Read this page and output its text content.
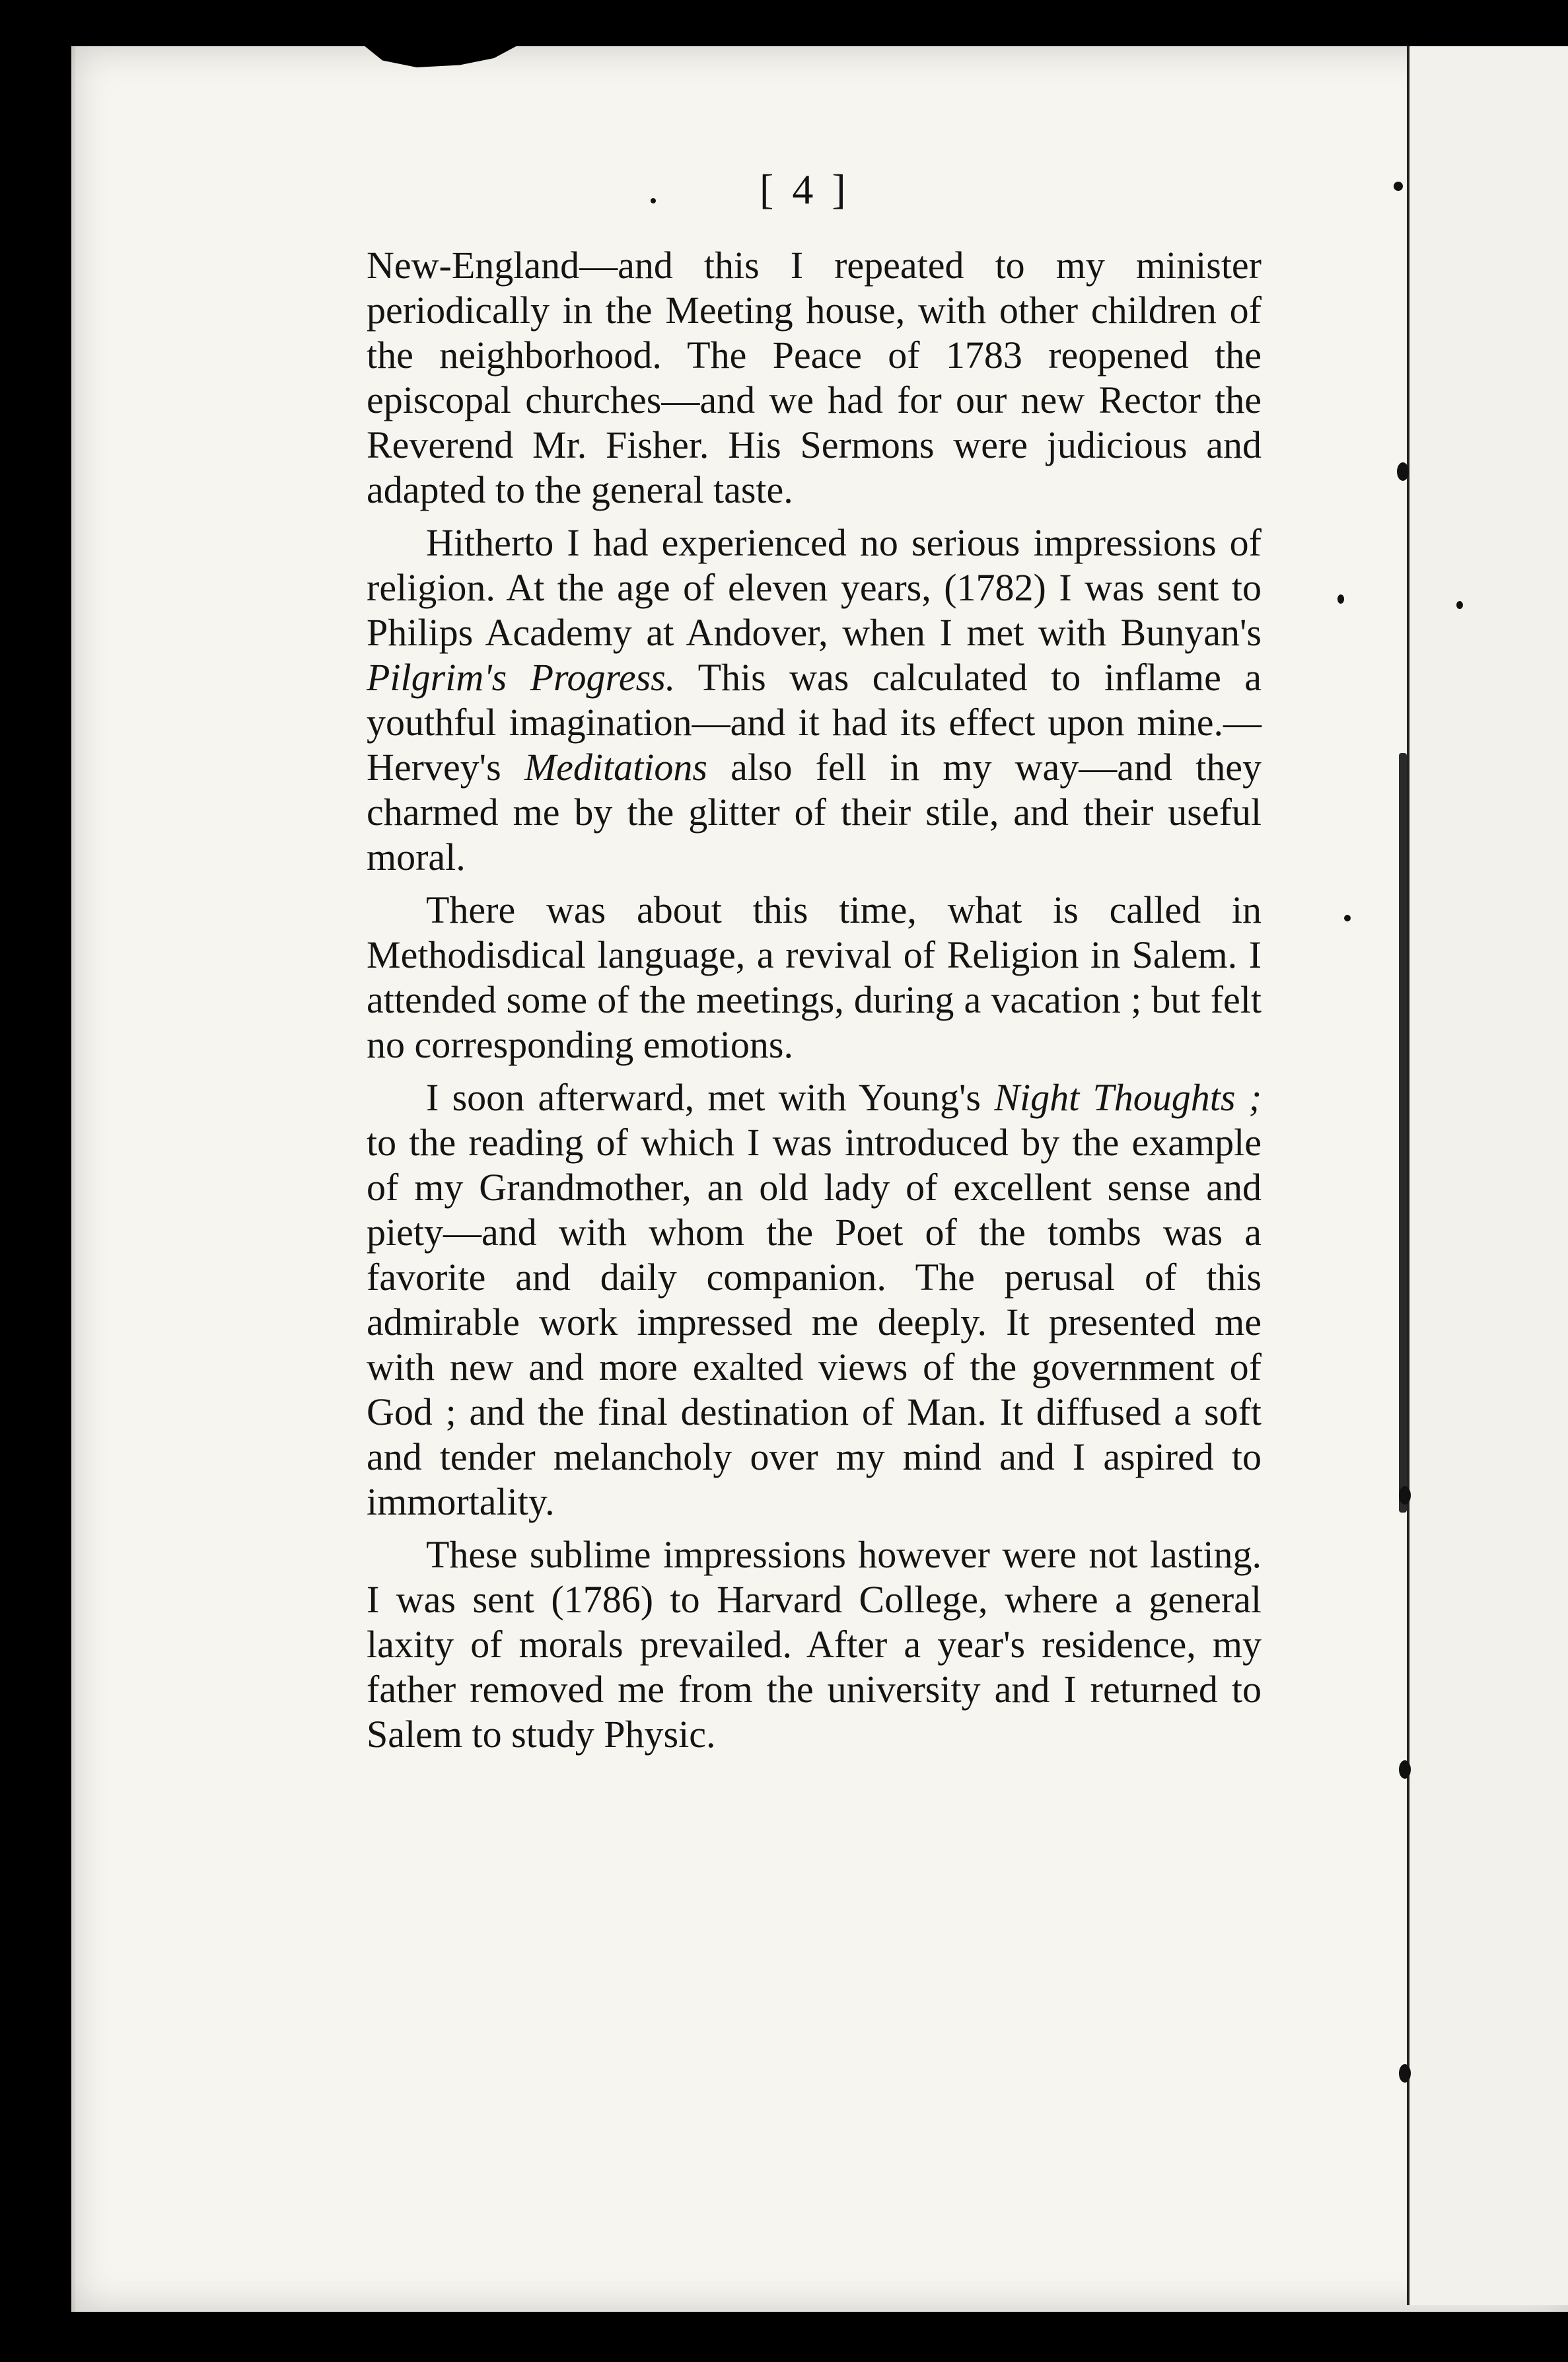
[ 4 ]

New-England—and this I repeated to my minister periodically in the Meeting house, with other children of the neighborhood. The Peace of 1783 reopened the episcopal churches—and we had for our new Rector the Reverend Mr. Fisher. His Sermons were judicious and adapted to the general taste.

Hitherto I had experienced no serious impressions of religion. At the age of eleven years, (1782) I was sent to Philips Academy at Andover, when I met with Bunyan's Pilgrim's Progress. This was calculated to inflame a youthful imagination—and it had its effect upon mine.—Hervey's Meditations also fell in my way—and they charmed me by the glitter of their stile, and their useful moral.

There was about this time, what is called in Methodisdical language, a revival of Religion in Salem. I attended some of the meetings, during a vacation ; but felt no corresponding emotions.

I soon afterward, met with Young's Night Thoughts ; to the reading of which I was introduced by the example of my Grandmother, an old lady of excellent sense and piety—and with whom the Poet of the tombs was a favorite and daily companion. The perusal of this admirable work impressed me deeply. It presented me with new and more exalted views of the government of God ; and the final destination of Man. It diffused a soft and tender melancholy over my mind and I aspired to immortality.

These sublime impressions however were not lasting. I was sent (1786) to Harvard College, where a general laxity of morals prevailed. After a year's residence, my father removed me from the university and I returned to Salem to study Physic.
